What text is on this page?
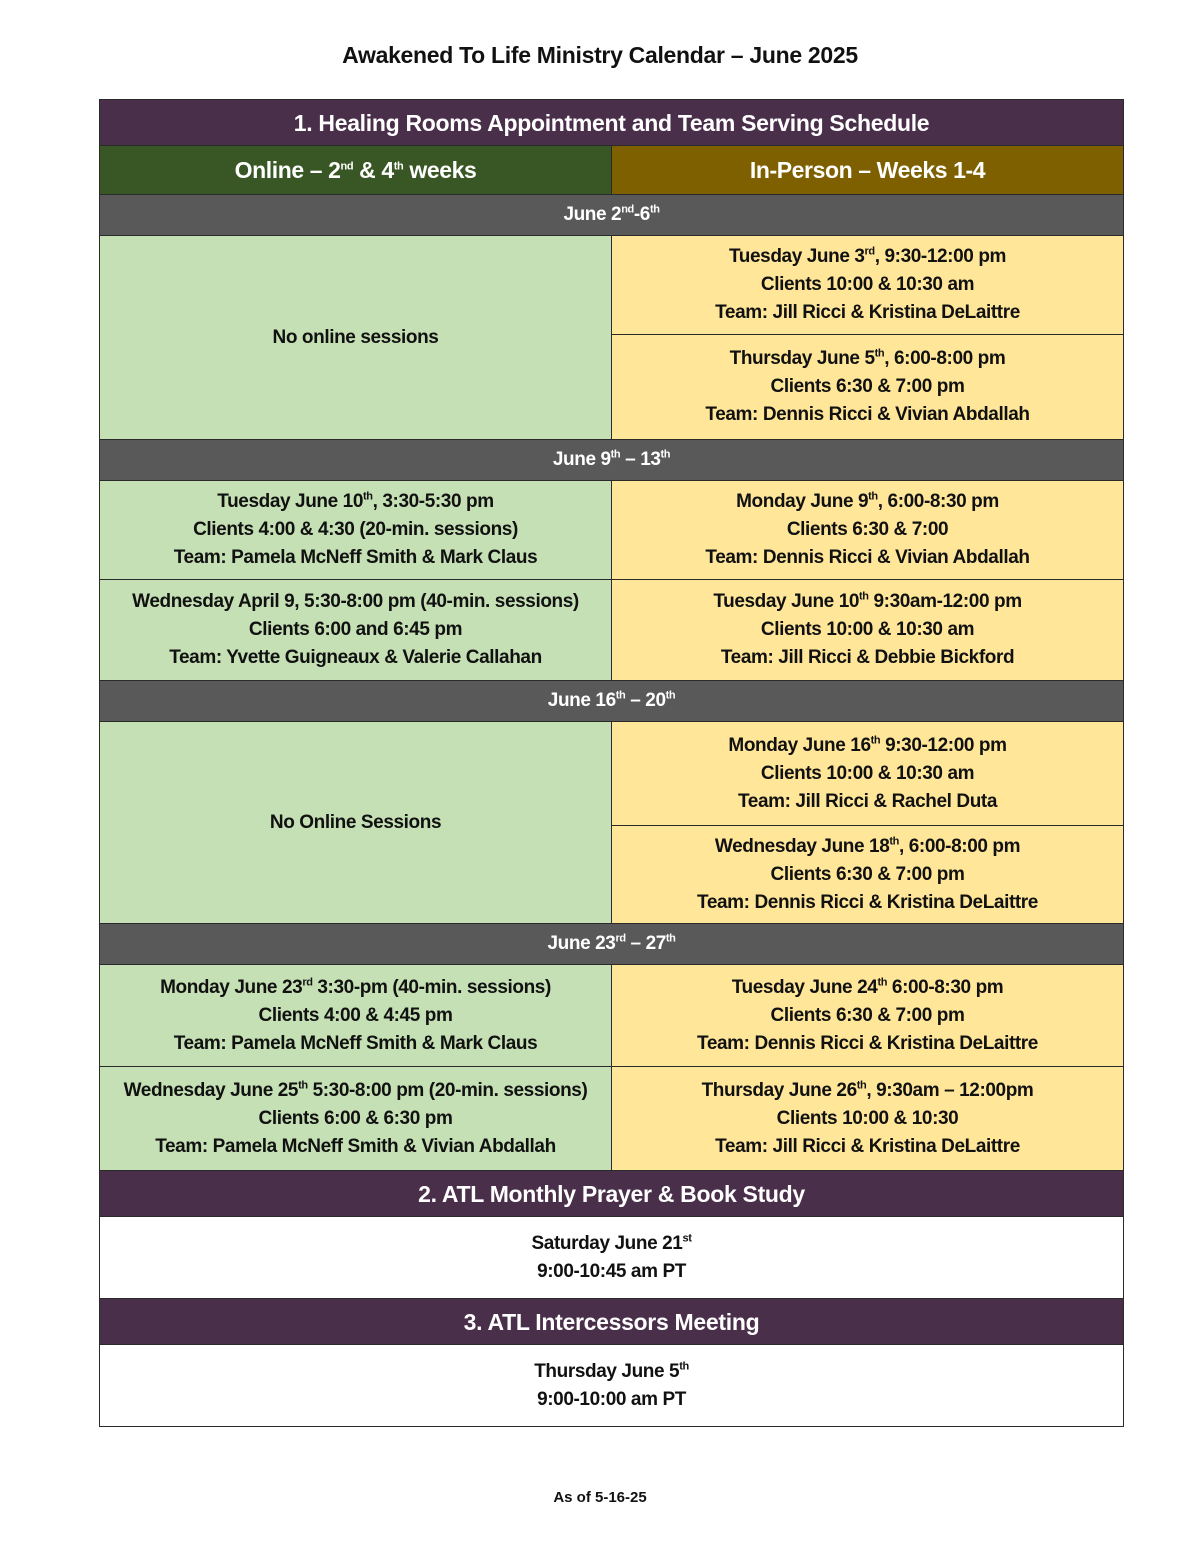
Awakened To Life Ministry Calendar – June 2025
1. Healing Rooms Appointment and Team Serving Schedule	
Online – 2nd & 4th weeks	In-Person – Weeks 1-4
June 2nd-6th
No online sessions	Tuesday June 3rd, 9:30-12:00 pm
Clients 10:00 & 10:30 am
Team: Jill Ricci & Kristina DeLaittre

	Thursday June 5th, 6:00-8:00 pm
Clients 6:30 & 7:00 pm
Team: Dennis Ricci & Vivian Abdallah

June 9th – 13th

Tuesday June 10th, 3:30-5:30 pm
Clients 4:00 & 4:30 (20-min. sessions)
Team: Pamela McNeff Smith & Mark Claus	Monday June 9th, 6:00-8:30 pm
Clients 6:30 & 7:00
Team: Dennis Ricci & Vivian Abdallah

Wednesday April 9, 5:30-8:00 pm (40-min. sessions)
Clients 6:00 and 6:45 pm
Team: Yvette Guigneaux & Valerie Callahan	Tuesday June 10th 9:30am-12:00 pm
Clients 10:00 & 10:30 am
Team: Jill Ricci & Debbie Bickford

June 16th – 20th
No Online Sessions	Monday June 16th 9:30-12:00 pm
Clients 10:00 & 10:30 am
Team: Jill Ricci & Rachel Duta

	Wednesday June 18th, 6:00-8:00 pm
Clients 6:30 & 7:00 pm
Team: Dennis Ricci & Kristina DeLaittre

June 23rd – 27th

Monday June 23rd 3:30-pm (40-min. sessions)
Clients 4:00 & 4:45 pm
Team: Pamela McNeff Smith & Mark Claus	Tuesday June 24th 6:00-8:30 pm
Clients 6:30 & 7:00 pm
Team: Dennis Ricci & Kristina DeLaittre

Wednesday June 25th 5:30-8:00 pm (20-min. sessions)
Clients 6:00 & 6:30 pm
Team: Pamela McNeff Smith & Vivian Abdallah	Thursday June 26th, 9:30am – 12:00pm
Clients 10:00 & 10:30
Team: Jill Ricci & Kristina DeLaittre

2. ATL Monthly Prayer & Book Study	

Saturday June 21st
9:00-10:45 am PT	

3. ATL Intercessors Meeting	

Thursday June 5th
9:00-10:00 am PT	
As of 5-16-25
